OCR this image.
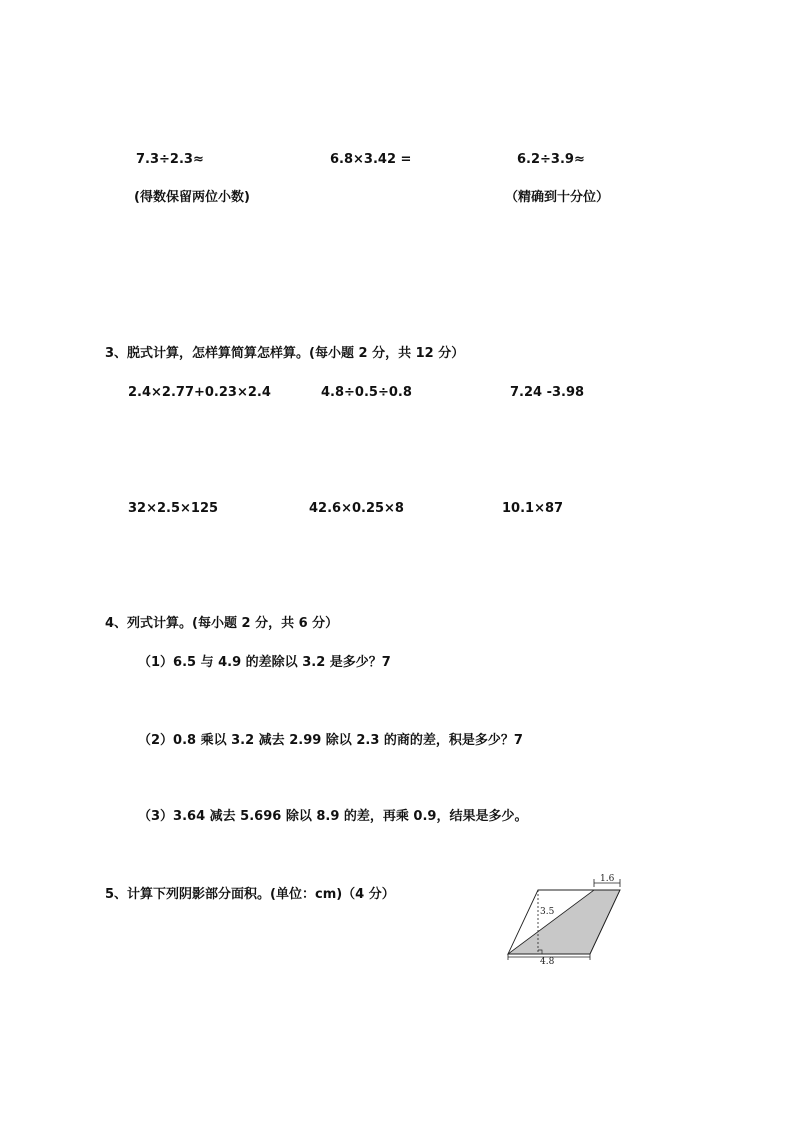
7.3÷2.3≈	6.8×3.42 =	6.2÷3.9≈
(得数保留两位小数)	（精确到十分位）
3、脱式计算，怎样算简算怎样算。(每小题 2 分，共 12 分）
2.4×2.77+0.23×2.4	4.8÷0.5÷0.8	7.24 -3.98
32×2.5×125	42.6×0.25×8	10.1×87
4、列式计算。(每小题 2 分，共 6 分）
（1）6.5 与 4.9 的差除以 3.2 是多少？7
（2）0.8 乘以 3.2 减去 2.99 除以 2.3 的商的差，积是多少？7
（3）3.64 减去 5.696 除以 8.9 的差，再乘 0.9，结果是多少。
5、计算下列阴影部分面积。(单位：cm)（4 分）
1.6
3.5
4.8
